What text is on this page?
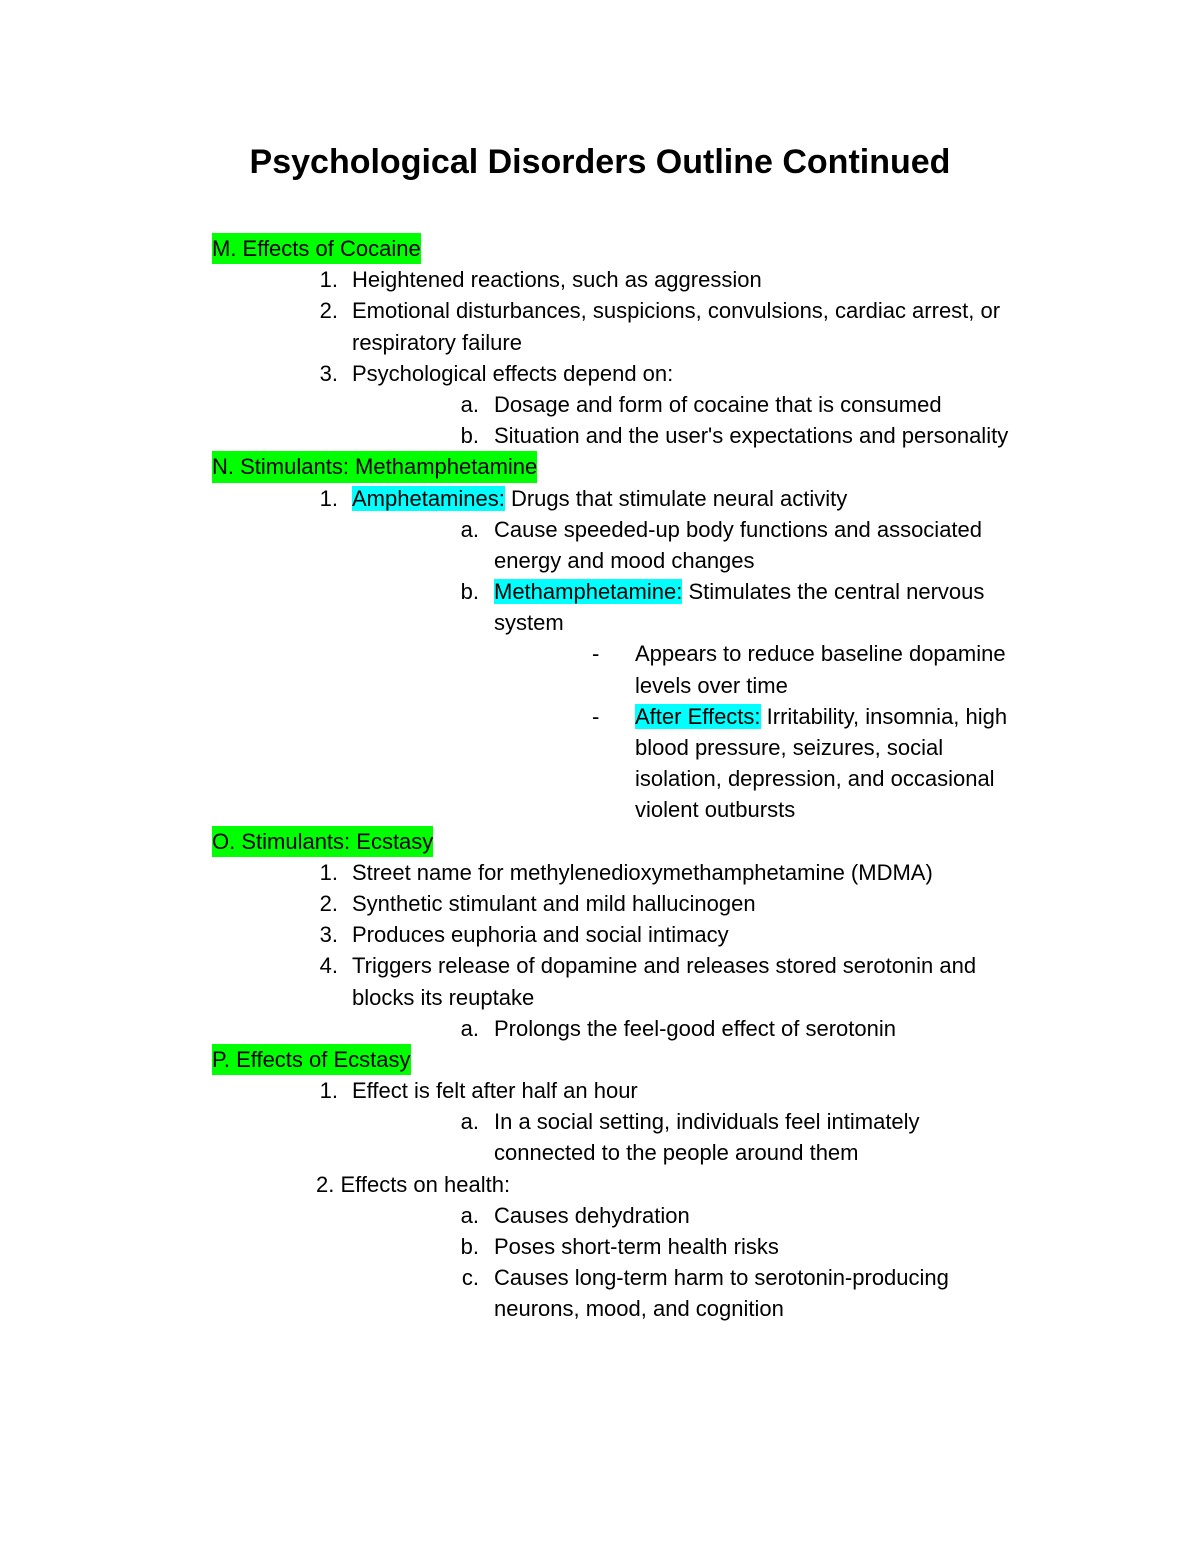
Psychological Disorders Outline Continued
M. Effects of Cocaine
1. Heightened reactions, such as aggression
2. Emotional disturbances, suspicions, convulsions, cardiac arrest, or
respiratory failure
3. Psychological effects depend on:
a. Dosage and form of cocaine that is consumed
b. Situation and the user's expectations and personality
N. Stimulants: Methamphetamine
1. Amphetamines: Drugs that stimulate neural activity
a. Cause speeded-up body functions and associated
energy and mood changes
b. Methamphetamine: Stimulates the central nervous
system
-	Appears to reduce baseline dopamine
levels over time
-	After Effects: Irritability, insomnia, high
blood pressure, seizures, social
isolation, depression, and occasional
violent outbursts
O. Stimulants: Ecstasy
1. Street name for methylenedioxymethamphetamine (MDMA)
2. Synthetic stimulant and mild hallucinogen
3. Produces euphoria and social intimacy
4. Triggers release of dopamine and releases stored serotonin and
blocks its reuptake
a. Prolongs the feel-good effect of serotonin
P. Effects of Ecstasy
1. Effect is felt after half an hour
a. In a social setting, individuals feel intimately
connected to the people around them
2. Effects on health:
a. Causes dehydration
b. Poses short-term health risks
c. Causes long-term harm to serotonin-producing
neurons, mood, and cognition
